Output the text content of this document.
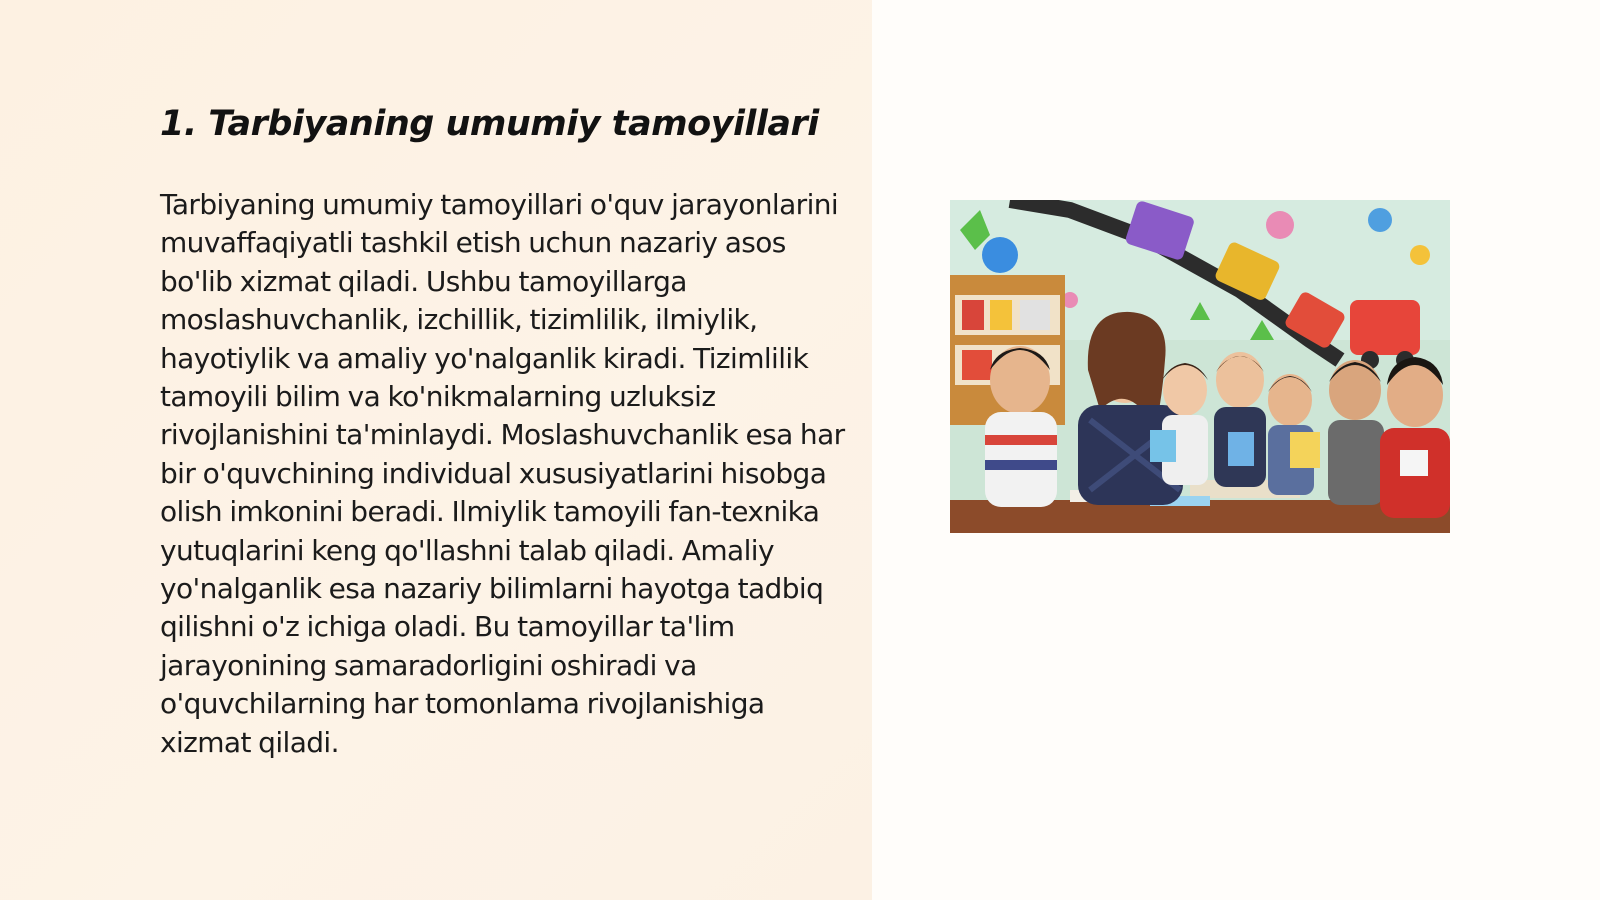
1. Tarbiyaning umumiy tamoyillari

Tarbiyaning umumiy tamoyillari o'quv jarayonlarini muvaffaqiyatli tashkil etish uchun nazariy asos bo'lib xizmat qiladi. Ushbu tamoyillarga moslashuvchanlik, izchillik, tizimlilik, ilmiylik, hayotiylik va amaliy yo'nalganlik kiradi. Tizimlilik tamoyili bilim va ko'nikmalarning uzluksiz rivojlanishini ta'minlaydi. Moslashuvchanlik esa har bir o'quvchining individual xususiyatlarini hisobga olish imkonini beradi. Ilmiylik tamoyili fan-texnika yutuqlarini keng qo'llashni talab qiladi. Amaliy yo'nalganlik esa nazariy bilimlarni hayotga tadbiq qilishni o'z ichiga oladi. Bu tamoyillar ta'lim jarayonining samaradorligini oshiradi va o'quvchilarning har tomonlama rivojlanishiga xizmat qiladi.
